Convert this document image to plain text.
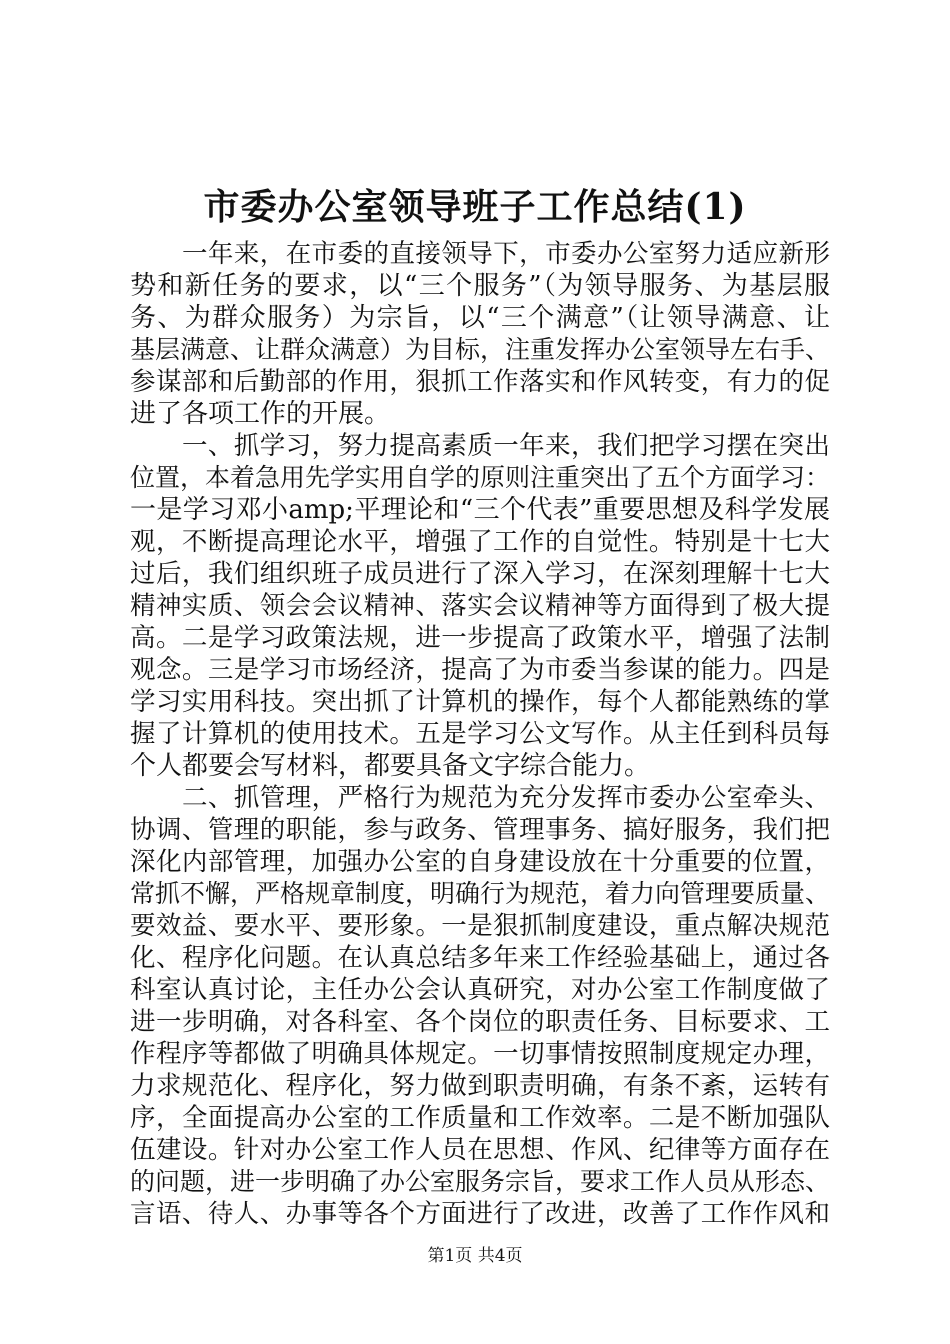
市委办公室领导班子工作总结(1)
一年来，在市委的直接领导下，市委办公室努力适应新形
势和新任务的要求，以“三个服务”（为领导服务、为基层服
务、为群众服务）为宗旨，以“三个满意”（让领导满意、让
基层满意、让群众满意）为目标，注重发挥办公室领导左右手、
参谋部和后勤部的作用，狠抓工作落实和作风转变，有力的促
进了各项工作的开展。
一、抓学习，努力提高素质一年来，我们把学习摆在突出
位置，本着急用先学实用自学的原则注重突出了五个方面学习：
一是学习邓小amp;平理论和“三个代表”重要思想及科学发展
观，不断提高理论水平，增强了工作的自觉性。特别是十七大
过后，我们组织班子成员进行了深入学习，在深刻理解十七大
精神实质、领会会议精神、落实会议精神等方面得到了极大提
高。二是学习政策法规，进一步提高了政策水平，增强了法制
观念。三是学习市场经济，提高了为市委当参谋的能力。四是
学习实用科技。突出抓了计算机的操作，每个人都能熟练的掌
握了计算机的使用技术。五是学习公文写作。从主任到科员每
个人都要会写材料，都要具备文字综合能力。
二、抓管理，严格行为规范为充分发挥市委办公室牵头、
协调、管理的职能，参与政务、管理事务、搞好服务，我们把
深化内部管理，加强办公室的自身建设放在十分重要的位置，
常抓不懈，严格规章制度，明确行为规范，着力向管理要质量、
要效益、要水平、要形象。一是狠抓制度建设，重点解决规范
化、程序化问题。在认真总结多年来工作经验基础上，通过各
科室认真讨论，主任办公会认真研究，对办公室工作制度做了
进一步明确，对各科室、各个岗位的职责任务、目标要求、工
作程序等都做了明确具体规定。一切事情按照制度规定办理，
力求规范化、程序化，努力做到职责明确，有条不紊，运转有
序，全面提高办公室的工作质量和工作效率。二是不断加强队
伍建设。针对办公室工作人员在思想、作风、纪律等方面存在
的问题，进一步明确了办公室服务宗旨，要求工作人员从形态、
言语、待人、办事等各个方面进行了改进，改善了工作作风和
第1页 共4页
